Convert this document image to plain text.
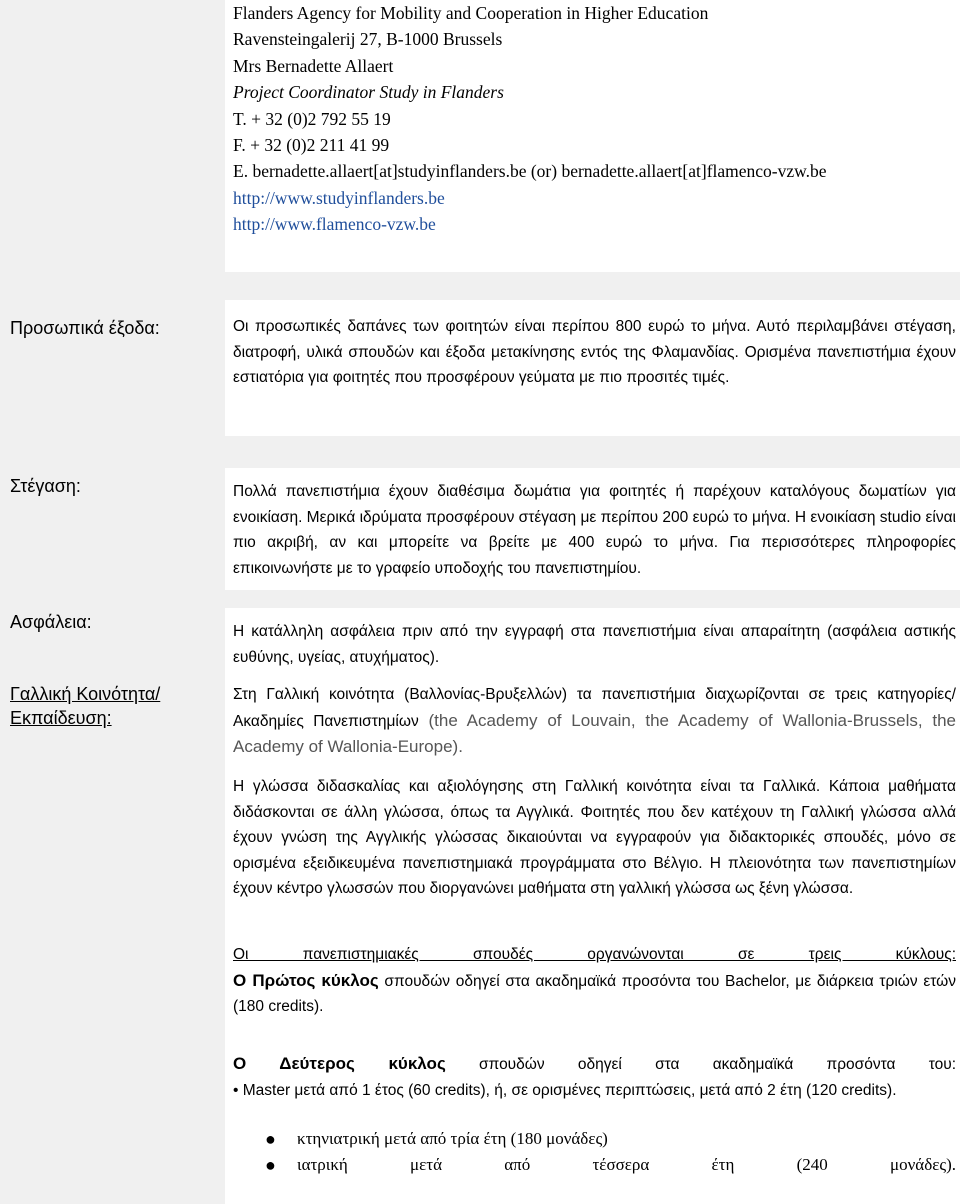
Flanders Agency for Mobility and Cooperation in Higher Education
Ravensteingalerij 27, B-1000 Brussels
Mrs Bernadette Allaert
Project Coordinator Study in Flanders
T. + 32 (0)2 792 55 19
F. + 32 (0)2 211 41 99
E. bernadette.allaert[at]studyinflanders.be (or) bernadette.allaert[at]flamenco-vzw.be
http://www.studyinflanders.be
http://www.flamenco-vzw.be
Προσωπικά έξοδα:	Οι προσωπικές δαπάνες των φοιτητών είναι περίπου 800 ευρώ το μήνα. Αυτό περιλαμβάνει στέγαση, διατροφή, υλικά σπουδών και έξοδα μετακίνησης εντός της Φλαμανδίας. Ορισμένα πανεπιστήμια έχουν εστιατόρια για φοιτητές που προσφέρουν γεύματα με πιο προσιτές τιμές.
Στέγαση:	Πολλά πανεπιστήμια έχουν διαθέσιμα δωμάτια για φοιτητές ή παρέχουν καταλόγους δωματίων για ενοικίαση. Μερικά ιδρύματα προσφέρουν στέγαση με περίπου 200 ευρώ το μήνα. Η ενοικίαση studio είναι πιο ακριβή, αν και μπορείτε να βρείτε με 400 ευρώ το μήνα. Για περισσότερες πληροφορίες επικοινωνήστε με το γραφείο υποδοχής του πανεπιστημίου.
Ασφάλεια:	Η κατάλληλη ασφάλεια πριν από την εγγραφή στα πανεπιστήμια είναι απαραίτητη (ασφάλεια αστικής ευθύνης, υγείας, ατυχήματος).
Γαλλική Κοινότητα/
Εκπαίδευση:
Στη Γαλλική κοινότητα (Βαλλονίας-Βρυξελλών) τα πανεπιστήμια διαχωρίζονται σε τρεις κατηγορίες/ Ακαδημίες Πανεπιστημίων (the Academy of Louvain, the Academy of Wallonia-Brussels, the Academy of Wallonia-Europe).
Η γλώσσα διδασκαλίας και αξιολόγησης στη Γαλλική κοινότητα είναι τα Γαλλικά. Κάποια μαθήματα διδάσκονται σε άλλη γλώσσα, όπως τα Αγγλικά. Φοιτητές που δεν κατέχουν τη Γαλλική γλώσσα αλλά έχουν γνώση της Αγγλικής γλώσσας δικαιούνται να εγγραφούν για διδακτορικές σπουδές, μόνο σε ορισμένα εξειδικευμένα πανεπιστημιακά προγράμματα στο Βέλγιο. Η πλειονότητα των πανεπιστημίων έχουν κέντρο γλωσσών που διοργανώνει μαθήματα στη γαλλική γλώσσα ως ξένη γλώσσα.
Οι πανεπιστημιακές σπουδές οργανώνονται σε τρεις κύκλους:
Ο Πρώτος κύκλος σπουδών οδηγεί στα ακαδημαϊκά προσόντα του Bachelor, με διάρκεια τριών ετών (180 credits).
Ο Δεύτερος κύκλος σπουδών οδηγεί στα ακαδημαϊκά προσόντα του:
• Master μετά από 1 έτος (60 credits), ή, σε ορισμένες περιπτώσεις, μετά από 2 έτη (120 credits).
● κτηνιατρική μετά από τρία έτη (180 μονάδες)
● ιατρική μετά από τέσσερα έτη (240 μονάδες).
